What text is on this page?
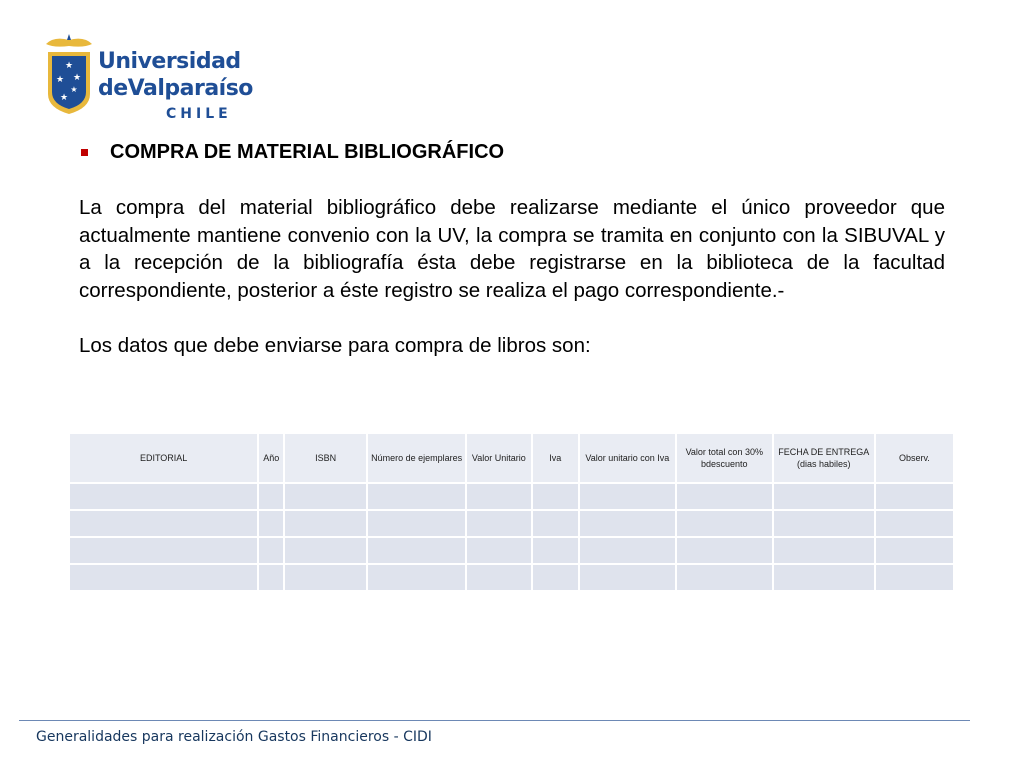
★
★ ★
★
★
Universidad
deValparaíso
CHILE
COMPRA DE MATERIAL BIBLIOGRÁFICO

La compra del material bibliográfico debe realizarse mediante el único proveedor que actualmente mantiene convenio con la UV, la compra se tramita en conjunto con la SIBUVAL y a la recepción de la bibliografía ésta debe registrarse en la biblioteca de la facultad correspondiente, posterior a éste registro se realiza el pago correspondiente.-

Los datos que debe enviarse para compra de libros son:

EDITORIAL	Año	ISBN	Número de ejemplares	Valor Unitario	Iva	Valor unitario con Iva	Valor total con 30% bdescuento	FECHA DE ENTREGA (dias habiles)	Observ.

Generalidades para realización Gastos Financieros - CIDI
